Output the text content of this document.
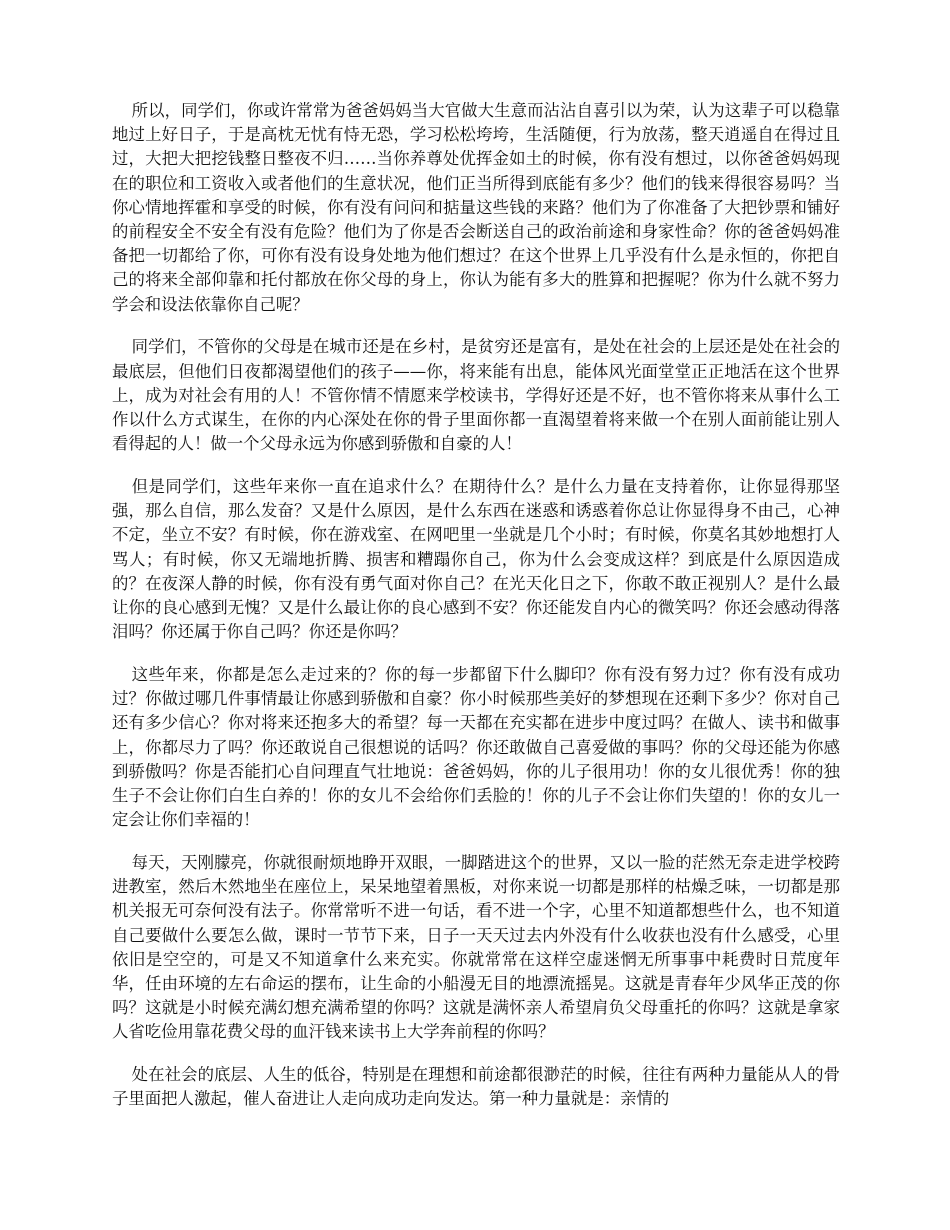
所以，同学们，你或许常常为爸爸妈妈当大官做大生意而沾沾自喜引以为荣，认为这辈子可以稳靠地过上好日子，于是高枕无忧有恃无恐，学习松松垮垮，生活随便，行为放荡，整天逍遥自在得过且过，大把大把挖钱整日整夜不归……当你养尊处优挥金如土的时候，你有没有想过，以你爸爸妈妈现在的职位和工资收入或者他们的生意状况，他们正当所得到底能有多少？他们的钱来得很容易吗？当你心情地挥霍和享受的时候，你有没有问问和掂量这些钱的来路？他们为了你准备了大把钞票和铺好的前程安全不安全有没有危险？他们为了你是否会断送自己的政治前途和身家性命？你的爸爸妈妈准备把一切都给了你，可你有没有设身处地为他们想过？在这个世界上几乎没有什么是永恒的，你把自己的将来全部仰靠和托付都放在你父母的身上，你认为能有多大的胜算和把握呢？你为什么就不努力学会和设法依靠你自己呢？

同学们，不管你的父母是在城市还是在乡村，是贫穷还是富有，是处在社会的上层还是处在社会的最底层，但他们日夜都渴望他们的孩子——你，将来能有出息，能体风光面堂堂正正地活在这个世界上，成为对社会有用的人！不管你情不情愿来学校读书，学得好还是不好，也不管你将来从事什么工作以什么方式谋生，在你的内心深处在你的骨子里面你都一直渴望着将来做一个在别人面前能让别人看得起的人！做一个父母永远为你感到骄傲和自豪的人！

但是同学们，这些年来你一直在追求什么？在期待什么？是什么力量在支持着你，让你显得那坚强，那么自信，那么发奋？又是什么原因，是什么东西在迷惑和诱惑着你总让你显得身不由己，心神不定，坐立不安？有时候，你在游戏室、在网吧里一坐就是几个小时；有时候，你莫名其妙地想打人骂人；有时候，你又无端地折腾、损害和糟蹋你自己，你为什么会变成这样？到底是什么原因造成的？在夜深人静的时候，你有没有勇气面对你自己？在光天化日之下，你敢不敢正视别人？是什么最让你的良心感到无愧？又是什么最让你的良心感到不安？你还能发自内心的微笑吗？你还会感动得落泪吗？你还属于你自己吗？你还是你吗？

这些年来，你都是怎么走过来的？你的每一步都留下什么脚印？你有没有努力过？你有没有成功过？你做过哪几件事情最让你感到骄傲和自豪？你小时候那些美好的梦想现在还剩下多少？你对自己还有多少信心？你对将来还抱多大的希望？每一天都在充实都在进步中度过吗？在做人、读书和做事上，你都尽力了吗？你还敢说自己很想说的话吗？你还敢做自己喜爱做的事吗？你的父母还能为你感到骄傲吗？你是否能扪心自问理直气壮地说：爸爸妈妈，你的儿子很用功！你的女儿很优秀！你的独生子不会让你们白生白养的！你的女儿不会给你们丢脸的！你的儿子不会让你们失望的！你的女儿一定会让你们幸福的！

每天，天刚朦亮，你就很耐烦地睁开双眼，一脚踏进这个的世界，又以一脸的茫然无奈走进学校跨进教室，然后木然地坐在座位上，呆呆地望着黑板，对你来说一切都是那样的枯燥乏味，一切都是那机关报无可奈何没有法子。你常常听不进一句话，看不进一个字，心里不知道都想些什么，也不知道自己要做什么要怎么做，课时一节节下来，日子一天天过去内外没有什么收获也没有什么感受，心里依旧是空空的，可是又不知道拿什么来充实。你就常常在这样空虚迷惘无所事事中耗费时日荒度年华，任由环境的左右命运的摆布，让生命的小船漫无目的地漂流摇晃。这就是青春年少风华正茂的你吗？这就是小时候充满幻想充满希望的你吗？这就是满怀亲人希望肩负父母重托的你吗？这就是拿家人省吃俭用靠花费父母的血汗钱来读书上大学奔前程的你吗？

处在社会的底层、人生的低谷，特别是在理想和前途都很渺茫的时候，往往有两种力量能从人的骨子里面把人激起，催人奋进让人走向成功走向发达。第一种力量就是：亲情的
